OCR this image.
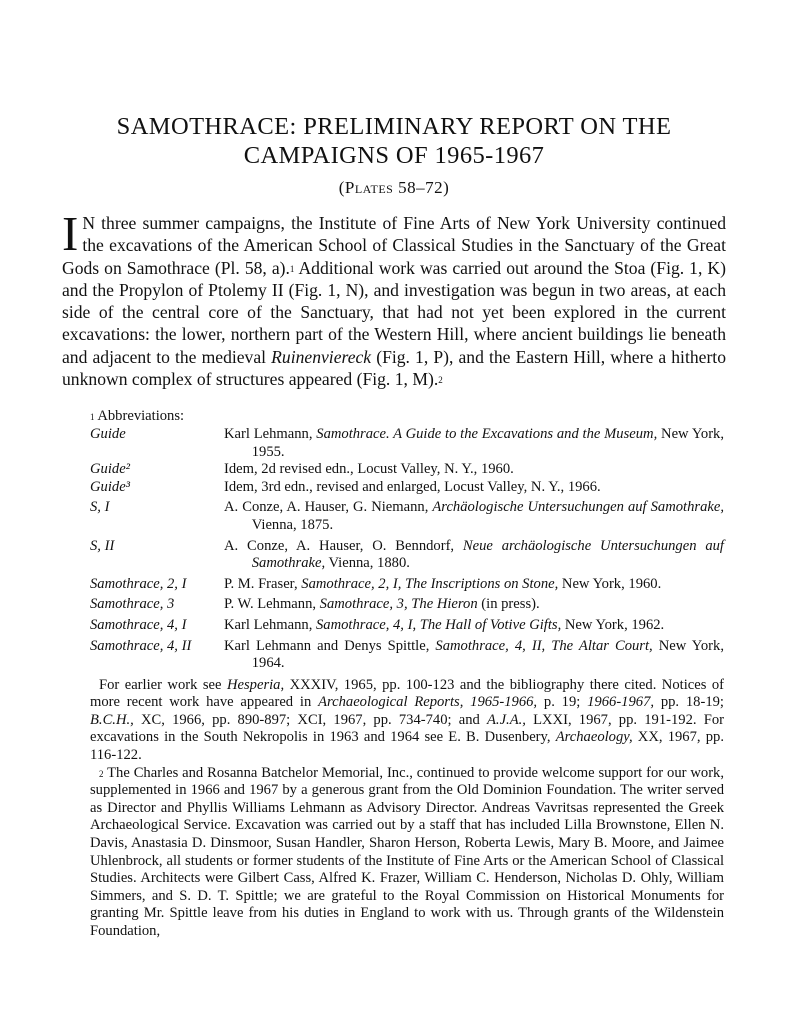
SAMOTHRACE: PRELIMINARY REPORT ON THE
CAMPAIGNS OF 1965-1967
(Plates 58–72)
I N three summer campaigns, the Institute of Fine Arts of New York University continued the excavations of the American School of Classical Studies in the Sanctuary of the Great Gods on Samothrace (Pl. 58, a).$^1$ Additional work was carried out around the Stoa (Fig. 1, K) and the Propylon of Ptolemy II (Fig. 1, N), and investigation was begun in two areas, at each side of the central core of the Sanctuary, that had not yet been explored in the current excavations: the lower, northern part of the Western Hill, where ancient buildings lie beneath and adjacent to the medieval Ruinenviereck (Fig. 1, P), and the Eastern Hill, where a hitherto unknown complex of structures appeared (Fig. 1, M).$^2$
$^1$ Abbreviations:
Guide	Karl Lehmann, Samothrace. A Guide to the Excavations and the Museum, New York, 1955.
Guide²	Idem, 2d revised edn., Locust Valley, N. Y., 1960.
Guide³	Idem, 3rd edn., revised and enlarged, Locust Valley, N. Y., 1966.
S, I	A. Conze, A. Hauser, G. Niemann, Archäologische Untersuchungen auf Samothrake, Vienna, 1875.
S, II	A. Conze, A. Hauser, O. Benndorf, Neue archäologische Untersuchungen auf Samothrake, Vienna, 1880.
Samothrace, 2, I	P. M. Fraser, Samothrace, 2, I, The Inscriptions on Stone, New York, 1960.
Samothrace, 3	P. W. Lehmann, Samothrace, 3, The Hieron (in press).
Samothrace, 4, I	Karl Lehmann, Samothrace, 4, I, The Hall of Votive Gifts, New York, 1962.
Samothrace, 4, II	Karl Lehmann and Denys Spittle, Samothrace, 4, II, The Altar Court, New York, 1964.
For earlier work see Hesperia, XXXIV, 1965, pp. 100-123 and the bibliography there cited. Notices of more recent work have appeared in Archaeological Reports, 1965-1966, p. 19; 1966-1967, pp. 18-19; B.C.H., XC, 1966, pp. 890-897; XCI, 1967, pp. 734-740; and A.J.A., LXXI, 1967, pp. 191-192. For excavations in the South Nekropolis in 1963 and 1964 see E. B. Dusenbery, Archaeology, XX, 1967, pp. 116-122.
$^2$ The Charles and Rosanna Batchelor Memorial, Inc., continued to provide welcome support for our work, supplemented in 1966 and 1967 by a generous grant from the Old Dominion Foundation. The writer served as Director and Phyllis Williams Lehmann as Advisory Director. Andreas Vavritsas represented the Greek Archaeological Service. Excavation was carried out by a staff that has included Lilla Brownstone, Ellen N. Davis, Anastasia D. Dinsmoor, Susan Handler, Sharon Herson, Roberta Lewis, Mary B. Moore, and Jaimee Uhlenbrock, all students or former students of the Institute of Fine Arts or the American School of Classical Studies. Architects were Gilbert Cass, Alfred K. Frazer, William C. Henderson, Nicholas D. Ohly, William Simmers, and S. D. T. Spittle; we are grateful to the Royal Commission on Historical Monuments for granting Mr. Spittle leave from his duties in England to work with us. Through grants of the Wildenstein Foundation,
